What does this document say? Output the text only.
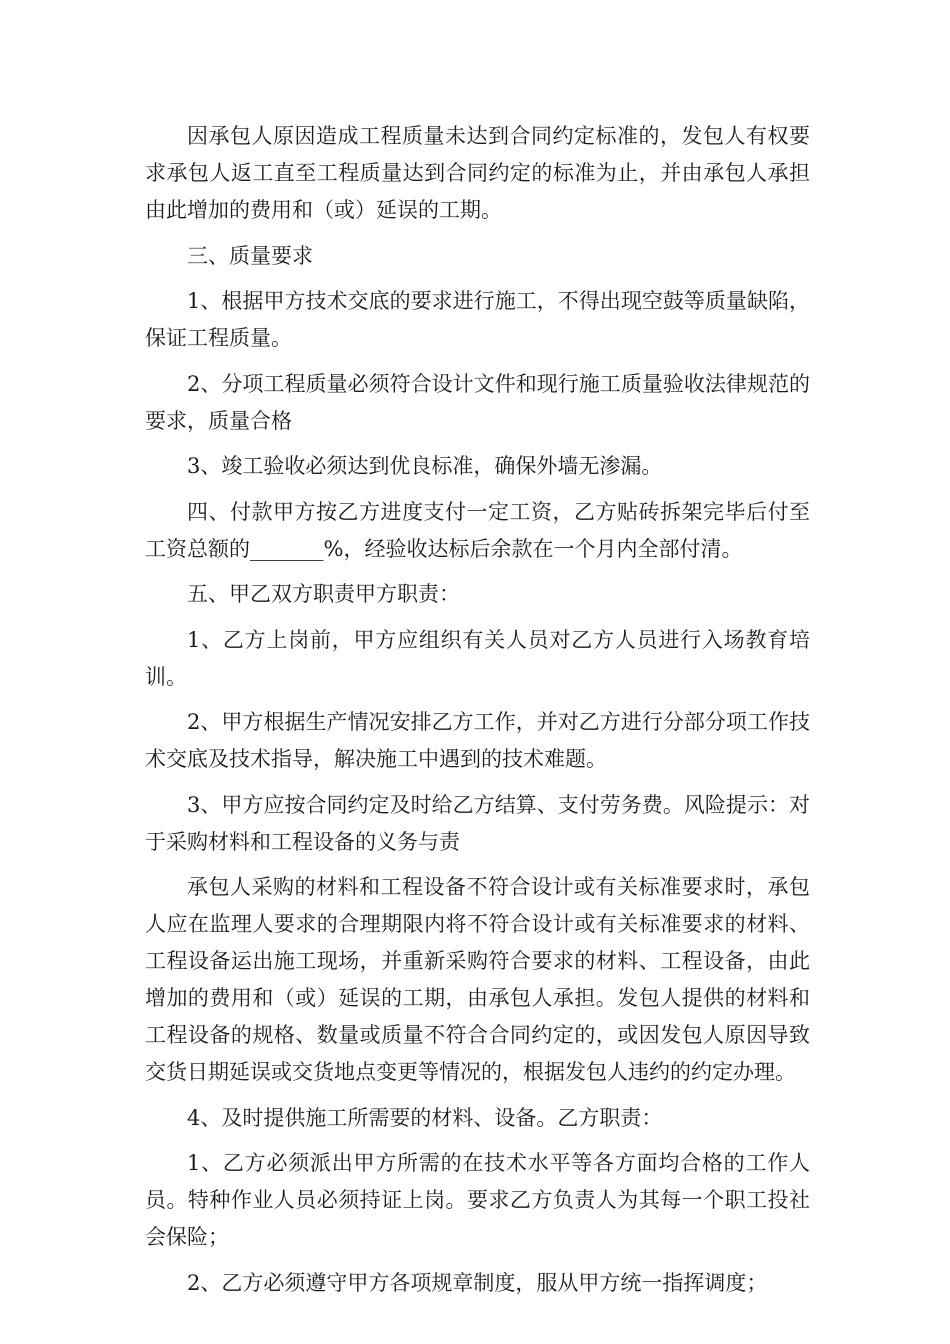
因承包人原因造成工程质量未达到合同约定标准的，发包人有权要求承包人返工直至工程质量达到合同约定的标准为止，并由承包人承担由此增加的费用和（或）延误的工期。

三、质量要求

1、根据甲方技术交底的要求进行施工，不得出现空鼓等质量缺陷，保证工程质量。

2、分项工程质量必须符合设计文件和现行施工质量验收法律规范的要求，质量合格

3、竣工验收必须达到优良标准，确保外墙无渗漏。

四、付款甲方按乙方进度支付一定工资，乙方贴砖拆架完毕后付至工资总额的_______%，经验收达标后余款在一个月内全部付清。

五、甲乙双方职责甲方职责：

1、乙方上岗前，甲方应组织有关人员对乙方人员进行入场教育培训。

2、甲方根据生产情况安排乙方工作，并对乙方进行分部分项工作技术交底及技术指导，解决施工中遇到的技术难题。

3、甲方应按合同约定及时给乙方结算、支付劳务费。风险提示：对于采购材料和工程设备的义务与责

承包人采购的材料和工程设备不符合设计或有关标准要求时，承包人应在监理人要求的合理期限内将不符合设计或有关标准要求的材料、工程设备运出施工现场，并重新采购符合要求的材料、工程设备，由此增加的费用和（或）延误的工期，由承包人承担。发包人提供的材料和工程设备的规格、数量或质量不符合合同约定的，或因发包人原因导致交货日期延误或交货地点变更等情况的，根据发包人违约的约定办理。

4、及时提供施工所需要的材料、设备。乙方职责：

1、乙方必须派出甲方所需的在技术水平等各方面均合格的工作人员。特种作业人员必须持证上岗。要求乙方负责人为其每一个职工投社会保险；

2、乙方必须遵守甲方各项规章制度，服从甲方统一指挥调度；
